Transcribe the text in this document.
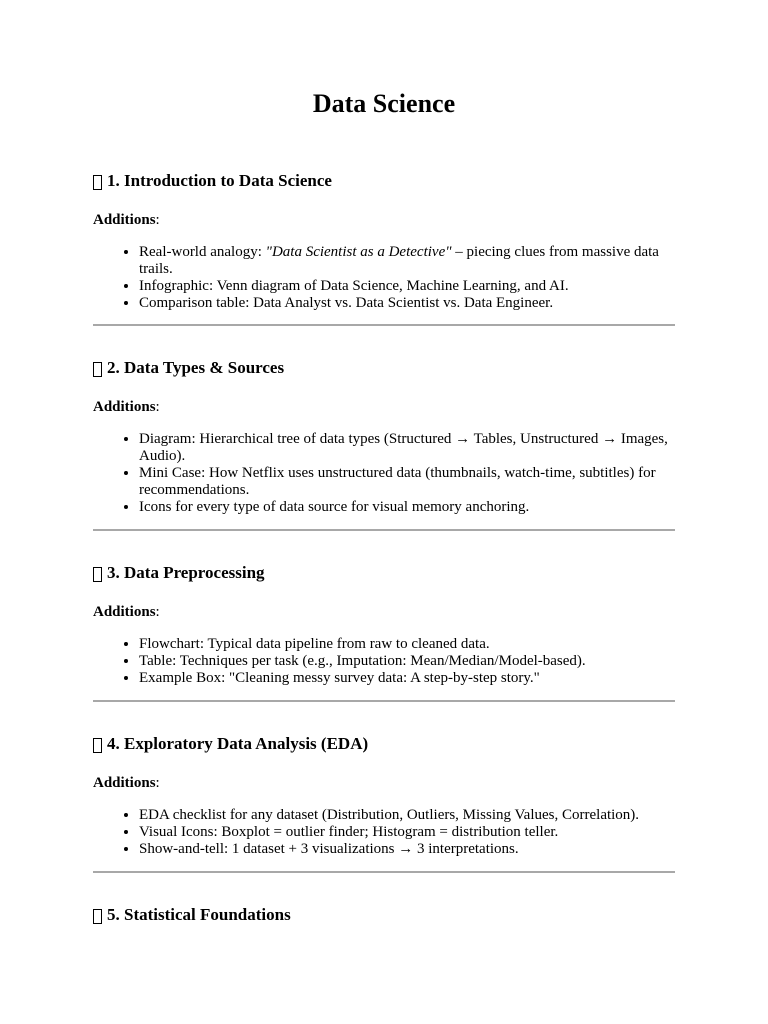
Data Science
1. Introduction to Data Science

Additions:

• Real-world analogy: "Data Scientist as a Detective" – piecing clues from massive data trails.
• Infographic: Venn diagram of Data Science, Machine Learning, and AI.
• Comparison table: Data Analyst vs. Data Scientist vs. Data Engineer.
2. Data Types & Sources

Additions:

• Diagram: Hierarchical tree of data types (Structured → Tables, Unstructured → Images, Audio).
• Mini Case: How Netflix uses unstructured data (thumbnails, watch-time, subtitles) for recommendations.
• Icons for every type of data source for visual memory anchoring.
3. Data Preprocessing

Additions:

• Flowchart: Typical data pipeline from raw to cleaned data.
• Table: Techniques per task (e.g., Imputation: Mean/Median/Model-based).
• Example Box: "Cleaning messy survey data: A step-by-step story."
4. Exploratory Data Analysis (EDA)

Additions:

• EDA checklist for any dataset (Distribution, Outliers, Missing Values, Correlation).
• Visual Icons: Boxplot = outlier finder; Histogram = distribution teller.
• Show-and-tell: 1 dataset + 3 visualizations → 3 interpretations.
5. Statistical Foundations
